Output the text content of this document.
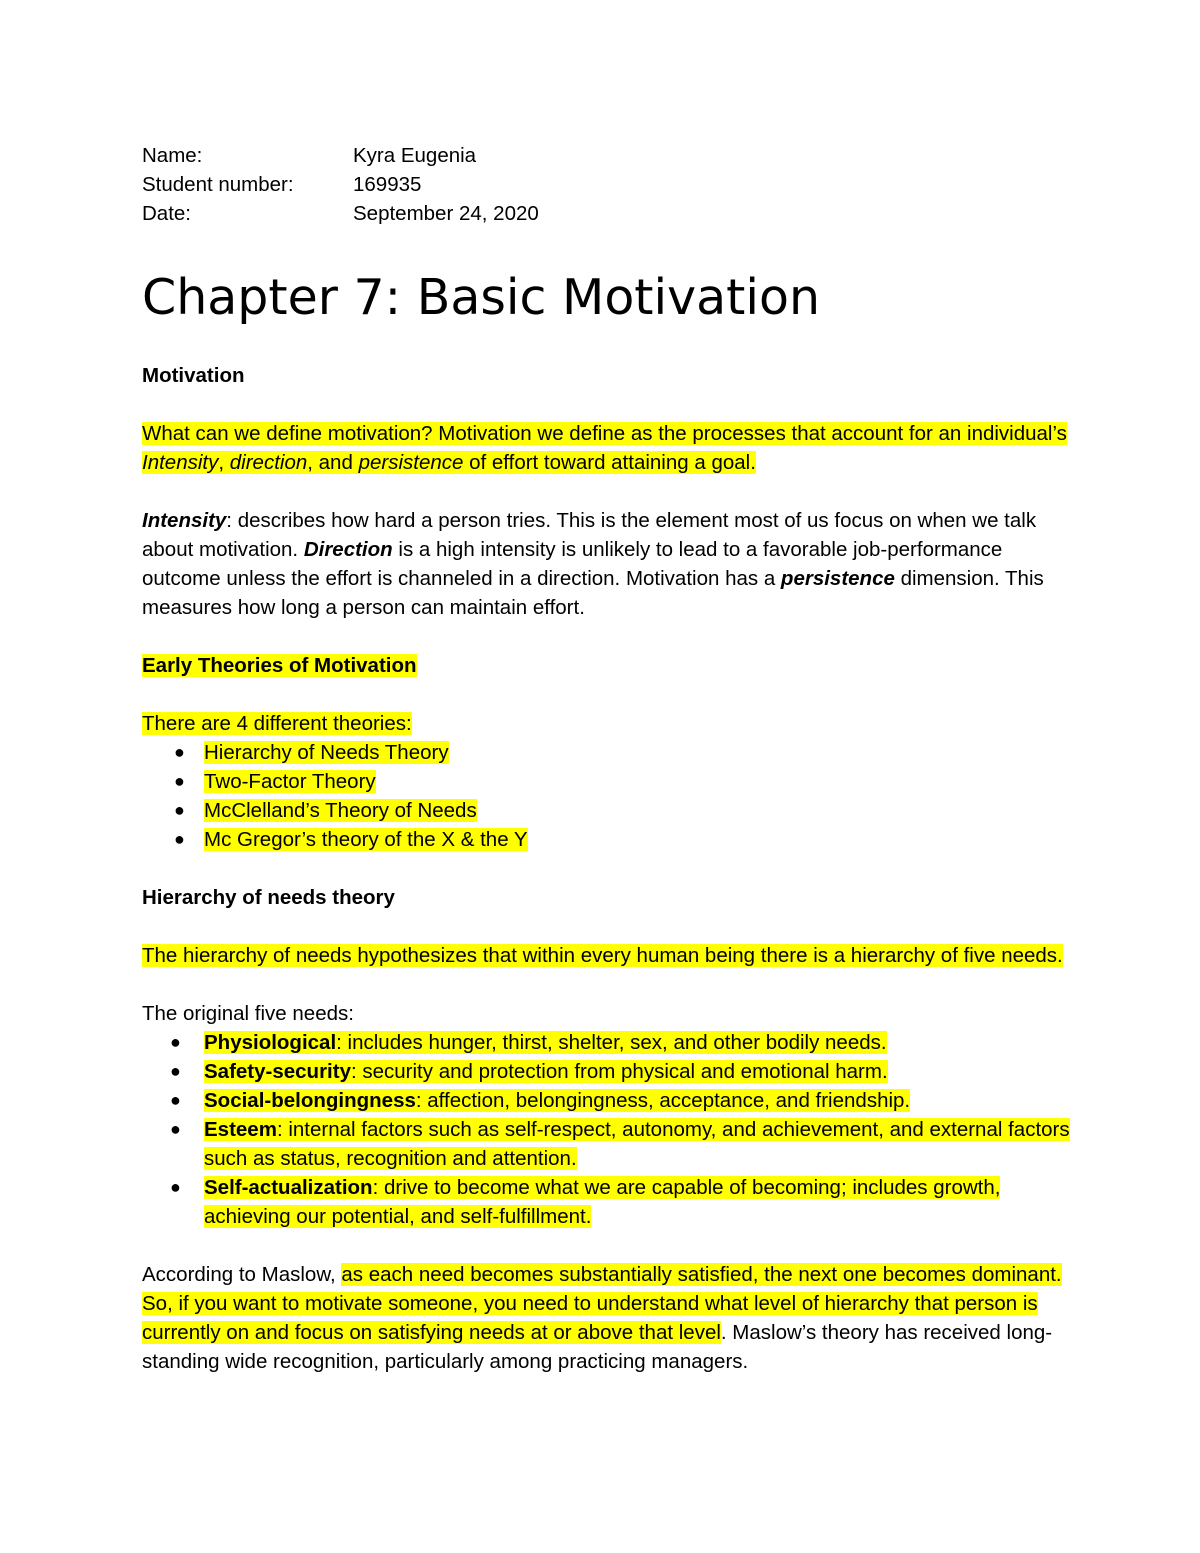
Name:	Kyra Eugenia
Student number:	169935
Date:	September 24, 2020
Chapter 7: Basic Motivation

Motivation

What can we define motivation? Motivation we define as the processes that account for an individual’s Intensity, direction, and persistence of effort toward attaining a goal.

Intensity: describes how hard a person tries. This is the element most of us focus on when we talk about motivation. Direction is a high intensity is unlikely to lead to a favorable job-performance outcome unless the effort is channeled in a direction. Motivation has a persistence dimension. This measures how long a person can maintain effort.

Early Theories of Motivation

There are 4 different theories:

● Hierarchy of Needs Theory
● Two-Factor Theory
● McClelland’s Theory of Needs
● Mc Gregor’s theory of the X & the Y

Hierarchy of needs theory

The hierarchy of needs hypothesizes that within every human being there is a hierarchy of five needs.

The original five needs:

● Physiological: includes hunger, thirst, shelter, sex, and other bodily needs.
● Safety-security: security and protection from physical and emotional harm.
● Social-belongingness: affection, belongingness, acceptance, and friendship.
● Esteem: internal factors such as self-respect, autonomy, and achievement, and external factors such as status, recognition and attention.
● Self-actualization: drive to become what we are capable of becoming; includes growth, achieving our potential, and self-fulfillment.

According to Maslow, as each need becomes substantially satisfied, the next one becomes dominant. So, if you want to motivate someone, you need to understand what level of hierarchy that person is currently on and focus on satisfying needs at or above that level. Maslow’s theory has received long-standing wide recognition, particularly among practicing managers.
